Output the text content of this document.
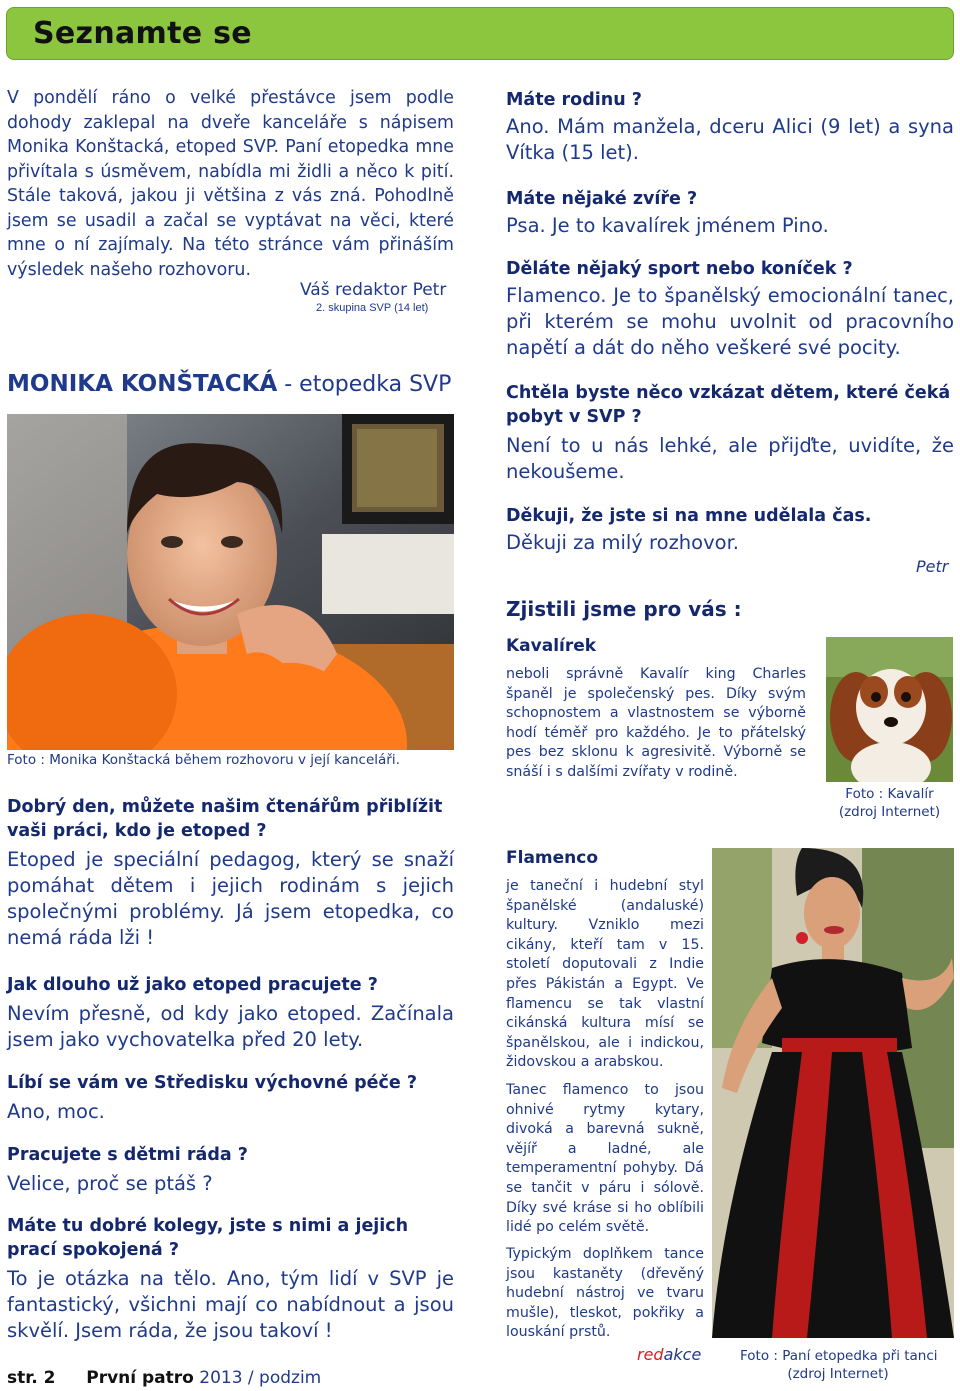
Seznamte se
V pondělí ráno o velké přestávce jsem podle dohody zaklepal na dveře kanceláře s nápisem Monika Konštacká, etoped SVP. Paní etopedka mne přivítala s úsměvem, nabídla mi židli a něco k pití. Stále taková, jakou ji většina z vás zná. Pohodlně jsem se usadil a začal se vyptávat na věci, které mne o ní zajímaly. Na této stránce vám přináším výsledek našeho rozhovoru.
Váš redaktor Petr
2. skupina SVP (14 let)
MONIKA KONŠTACKÁ - etopedka SVP
Foto : Monika Konštacká během rozhovoru v její kanceláři.
Dobrý den, můžete našim čtenářům přiblížit vaši práci, kdo je etoped ?
Etoped je speciální pedagog, který se snaží pomáhat dětem i jejich rodinám s jejich společnými problémy. Já jsem etopedka, co nemá ráda lži !
Jak dlouho už jako etoped pracujete ?
Nevím přesně, od kdy jako etoped. Začínala jsem jako vychovatelka před 20 lety.
Líbí se vám ve Středisku výchovné péče ?
Ano, moc.
Pracujete s dětmi ráda ?
Velice, proč se ptáš ?
Máte tu dobré kolegy, jste s nimi a jejich prací spokojená ?
To je otázka na tělo. Ano, tým lidí v SVP je fantastický, všichni mají co nabídnout a jsou skvělí. Jsem ráda, že jsou takoví !
Máte rodinu ?
Ano. Mám manžela, dceru Alici (9 let) a syna Vítka (15 let).
Máte nějaké zvíře ?
Psa. Je to kavalírek jménem Pino.
Děláte nějaký sport nebo koníček ?
Flamenco. Je to španělský emocionální tanec, při kterém se mohu uvolnit od pracovního napětí a dát do něho veškeré své pocity.
Chtěla byste něco vzkázat dětem, které čeká pobyt v SVP ?
Není to u nás lehké, ale přijďte, uvidíte, že nekoušeme.
Děkuji, že jste si na mne udělala čas.
Děkuji za milý rozhovor.
Petr
Zjistili jsme pro vás :
Kavalírek
neboli správně Kavalír king Charles španěl je společenský pes. Díky svým schopnostem a vlastnostem se výborně hodí téměř pro každého. Je to přátelský pes bez sklonu k agresivitě. Výborně se snáší i s dalšími zvířaty v rodině.
Foto : Kavalír
(zdroj Internet)
Flamenco
je taneční i hudební styl španělské (andaluské) kultury. Vzniklo mezi cikány, kteří tam v 15. století doputovali z Indie přes Pákistán a Egypt. Ve flamencu se tak vlastní cikánská kultura mísí se španělskou, ale i indickou, židovskou a arabskou.
Tanec flamenco to jsou ohnivé rytmy kytary, divoká a barevná sukně, vějíř a ladné, ale temperamentní pohyby. Dá se tančit v páru i sólově. Díky své kráse si ho oblíbili lidé po celém světě.
Typickým doplňkem tance jsou kastaněty (dřevěný hudební nástroj ve tvaru mušle), tleskot, pokřiky a louskání prstů.
redakce	Foto : Paní etopedka při tanci
(zdroj Internet)
str. 2 První patro 2013 / podzim
